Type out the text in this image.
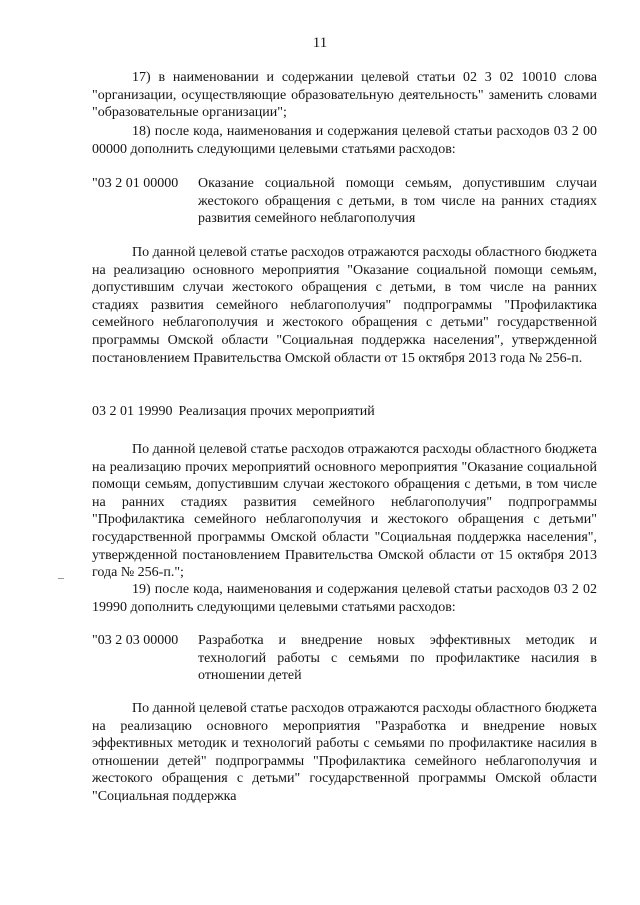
11

17) в наименовании и содержании целевой статьи 02 3 02 10010 слова "организации, осуществляющие образовательную деятельность" заменить словами "образовательные организации";

18) после кода, наименования и содержания целевой статьи расходов 03 2 00 00000 дополнить следующими целевыми статьями расходов:

"03 2 01 00000 Оказание социальной помощи семьям, допустившим случаи жестокого обращения с детьми, в том числе на ранних стадиях развития семейного неблагополучия

По данной целевой статье расходов отражаются расходы областного бюджета на реализацию основного мероприятия "Оказание социальной помощи семьям, допустившим случаи жестокого обращения с детьми, в том числе на ранних стадиях развития семейного неблагополучия" подпрограммы "Профилактика семейного неблагополучия и жестокого обращения с детьми" государственной программы Омской области "Социальная поддержка населения", утвержденной постановлением Правительства Омской области от 15 октября 2013 года № 256-п.

03 2 01 19990 Реализация прочих мероприятий

По данной целевой статье расходов отражаются расходы областного бюджета на реализацию прочих мероприятий основного мероприятия "Оказание социальной помощи семьям, допустившим случаи жестокого обращения с детьми, в том числе на ранних стадиях развития семейного неблагополучия" подпрограммы "Профилактика семейного неблагополучия и жестокого обращения с детьми" государственной программы Омской области "Социальная поддержка населения", утвержденной постановлением Правительства Омской области от 15 октября 2013 года № 256-п.";

19) после кода, наименования и содержания целевой статьи расходов 03 2 02 19990 дополнить следующими целевыми статьями расходов:

"03 2 03 00000 Разработка и внедрение новых эффективных методик и технологий работы с семьями по профилактике насилия в отношении детей

По данной целевой статье расходов отражаются расходы областного бюджета на реализацию основного мероприятия "Разработка и внедрение новых эффективных методик и технологий работы с семьями по профилактике насилия в отношении детей" подпрограммы "Профилактика семейного неблагополучия и жестокого обращения с детьми" государственной программы Омской области "Социальная поддержка
